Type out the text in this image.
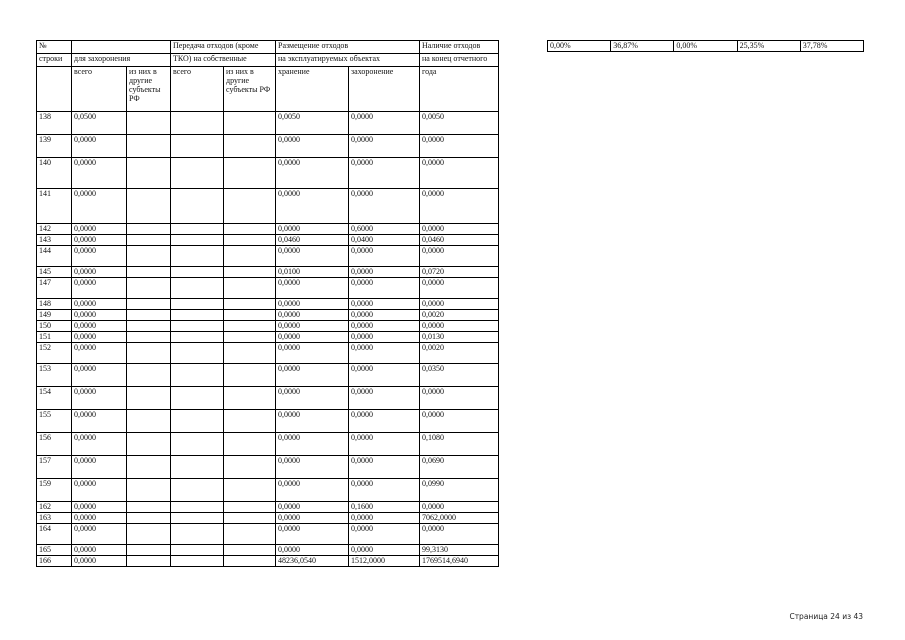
№			Передача отходов (кроме		Размещение отходов		Наличие отходов
строки	для захоронения		ТКО) на собственные		на эксплуатируемых объектах		на конец отчетного
	всего	из них в другие субъекты РФ	всего	из них в другие субъекты РФ	хранение	захоронение	года
138	0,0500				0,0050	0,0000	0,0050
139	0,0000				0,0000	0,0000	0,0000
140	0,0000				0,0000	0,0000	0,0000
141	0,0000				0,0000	0,0000	0,0000
142	0,0000				0,0000	0,6000	0,0000
143	0,0000				0,0460	0,0400	0,0460
144	0,0000				0,0000	0,0000	0,0000
145	0,0000				0,0100	0,0000	0,0720
147	0,0000				0,0000	0,0000	0,0000
148	0,0000				0,0000	0,0000	0,0000
149	0,0000				0,0000	0,0000	0,0020
150	0,0000				0,0000	0,0000	0,0000
151	0,0000				0,0000	0,0000	0,0130
152	0,0000				0,0000	0,0000	0,0020
153	0,0000				0,0000	0,0000	0,0350
154	0,0000				0,0000	0,0000	0,0000
155	0,0000				0,0000	0,0000	0,0000
156	0,0000				0,0000	0,0000	0,1080
157	0,0000				0,0000	0,0000	0,0690
159	0,0000				0,0000	0,0000	0,0990
162	0,0000				0,0000	0,1600	0,0000
163	0,0000				0,0000	0,0000	7062,0000
164	0,0000				0,0000	0,0000	0,0000
165	0,0000				0,0000	0,0000	99,3130
166	0,0000				48236,0540	1512,0000	1769514,6940
0,00%	36,87%	0,00%	25,35%	37,78%
Страница 24 из 43
